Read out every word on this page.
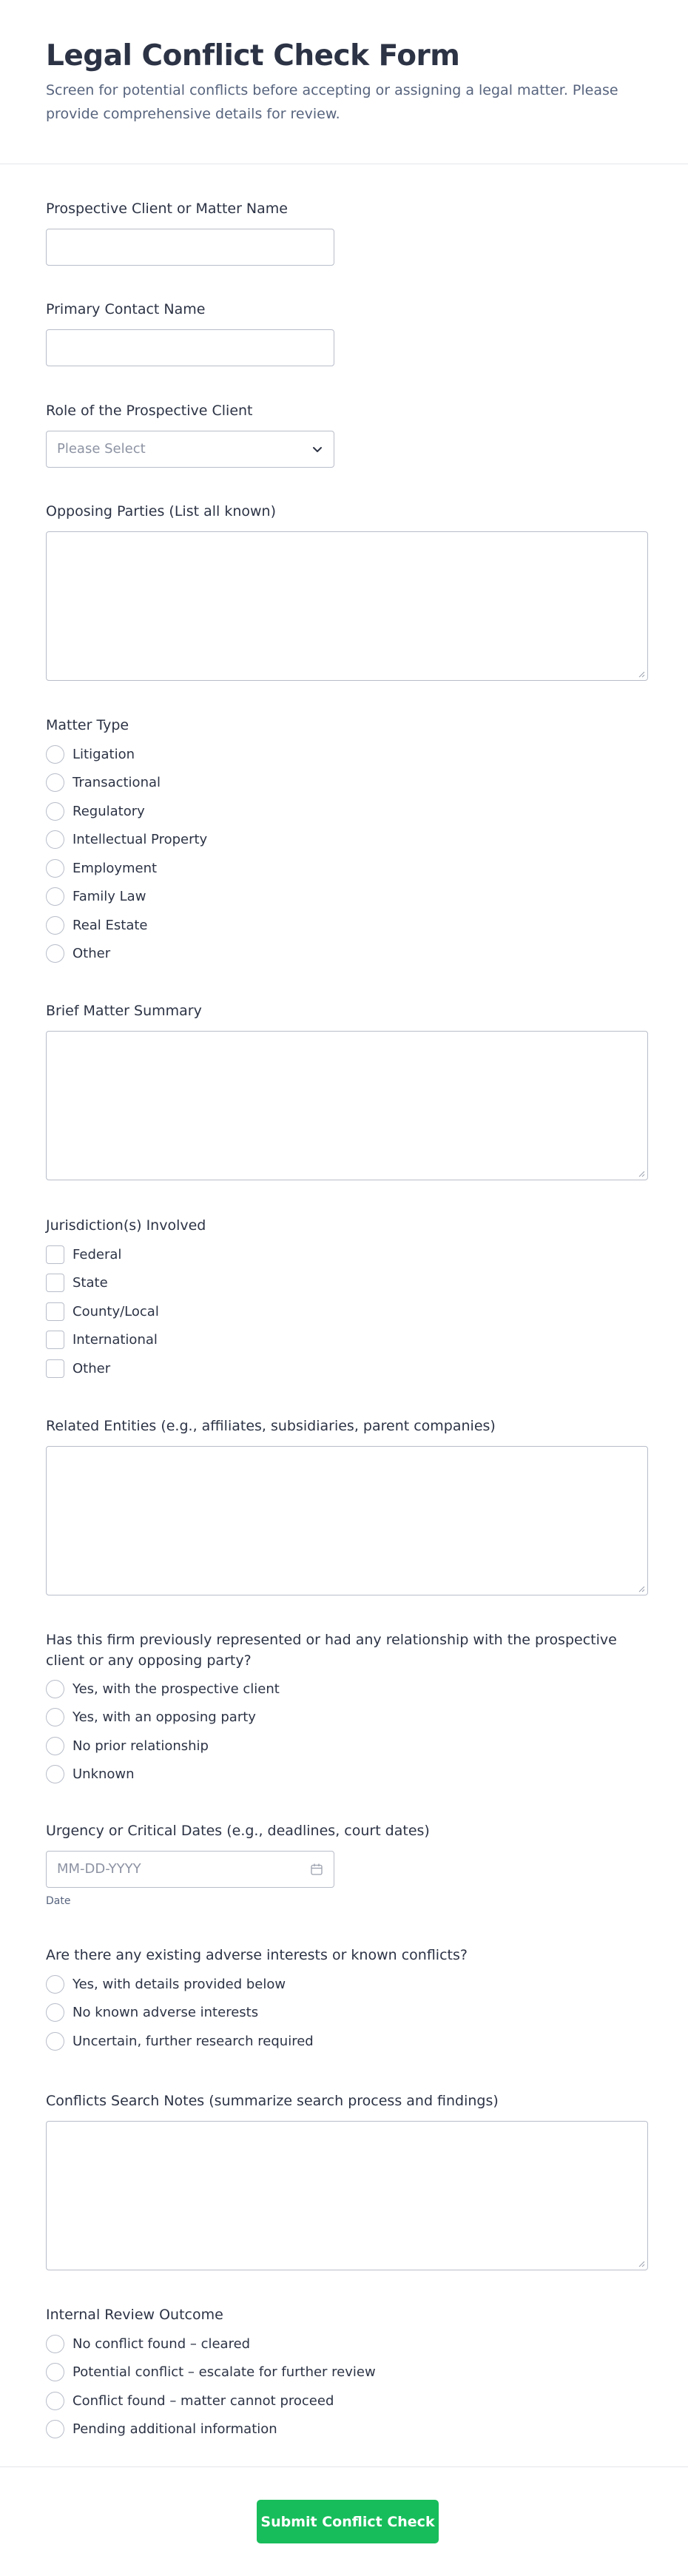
Legal Conflict Check Form

Screen for potential conflicts before accepting or assigning a legal matter. Please provide comprehensive details for review.

Prospective Client or Matter Name
Primary Contact Name
Role of the Prospective Client
Please Select
Opposing Parties (List all known)
Matter Type
Litigation
Transactional
Regulatory
Intellectual Property
Employment
Family Law
Real Estate
Other
Brief Matter Summary
Jurisdiction(s) Involved
Federal
State
County/Local
International
Other
Related Entities (e.g., affiliates, subsidiaries, parent companies)
Has this firm previously represented or had any relationship with the prospective client or any opposing party?
Yes, with the prospective client
Yes, with an opposing party
No prior relationship
Unknown
Urgency or Critical Dates (e.g., deadlines, court dates)
MM-DD-YYYY
Date
Are there any existing adverse interests or known conflicts?
Yes, with details provided below
No known adverse interests
Uncertain, further research required
Conflicts Search Notes (summarize search process and findings)
Internal Review Outcome
No conflict found – cleared
Potential conflict – escalate for further review
Conflict found – matter cannot proceed
Pending additional information
Submit Conflict Check
